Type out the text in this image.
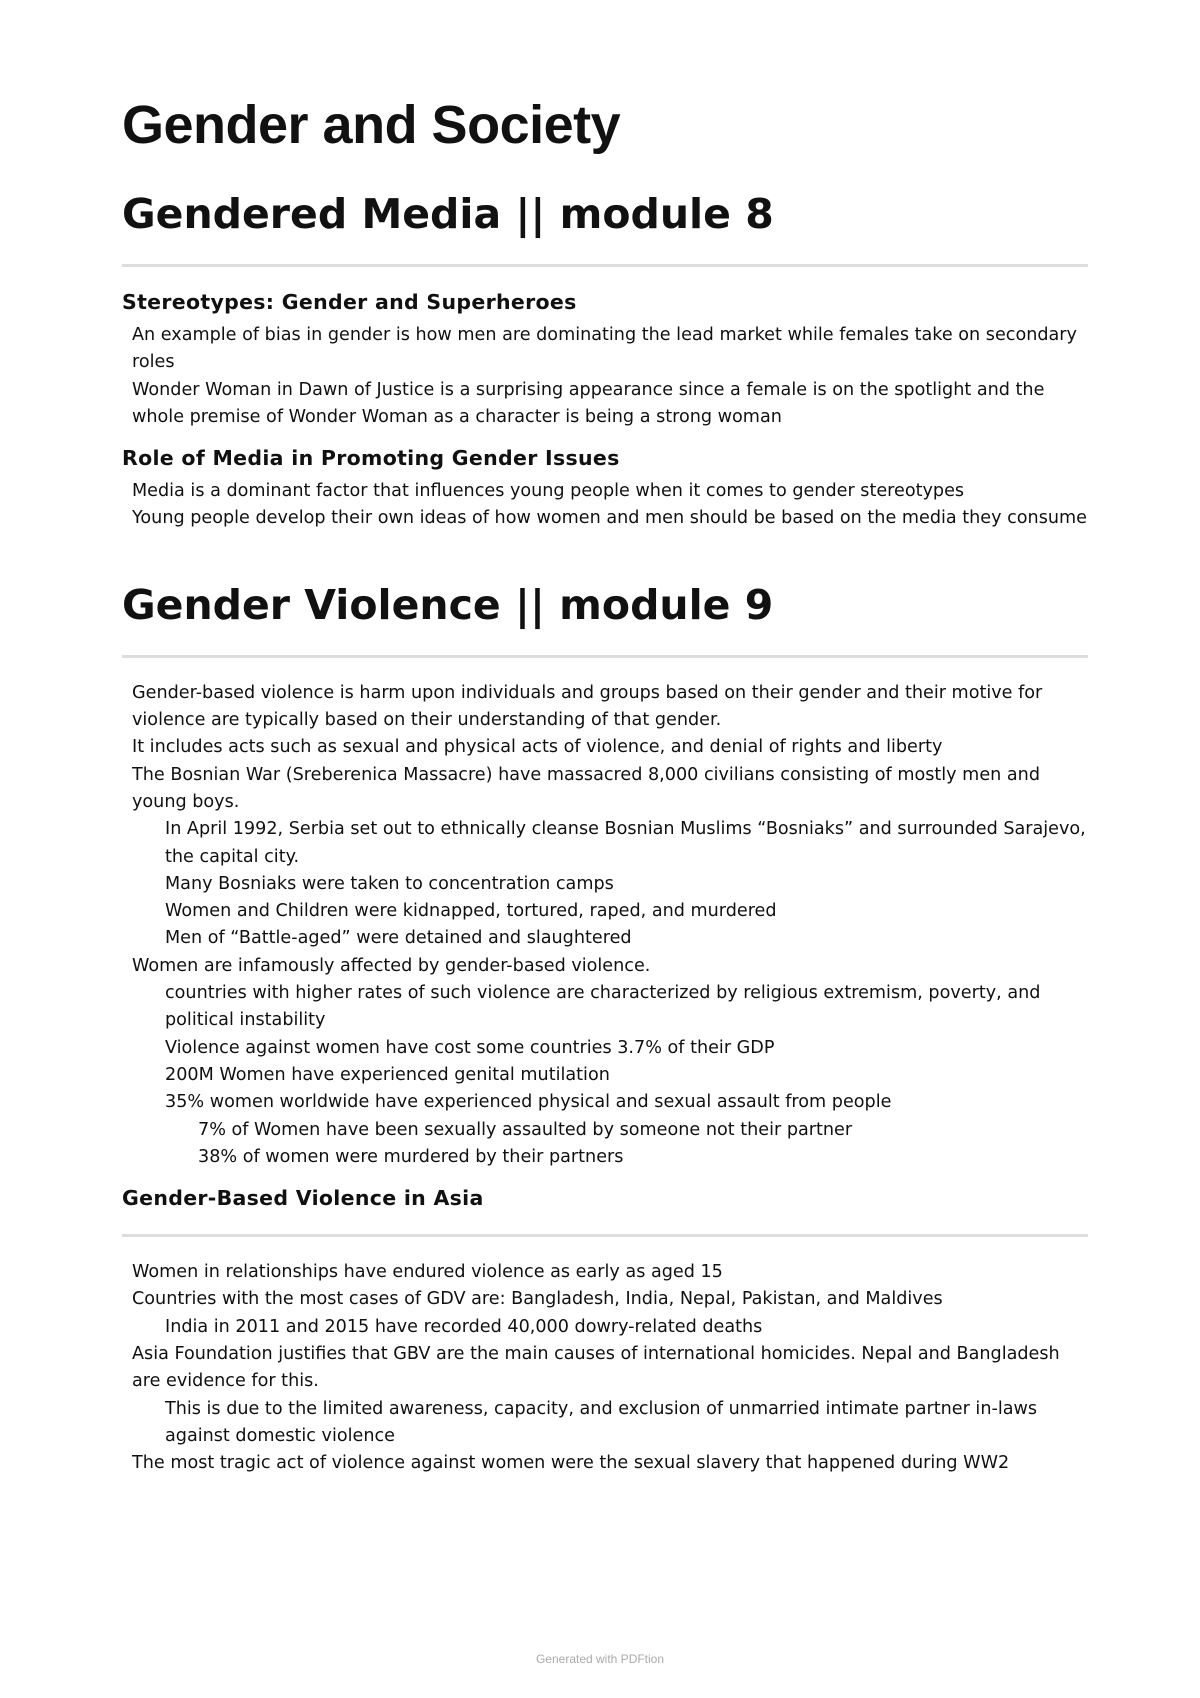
Gender and Society
Gendered Media || module 8
Stereotypes: Gender and Superheroes
An example of bias in gender is how men are dominating the lead market while females take on secondary roles
Wonder Woman in Dawn of Justice is a surprising appearance since a female is on the spotlight and the whole premise of Wonder Woman as a character is being a strong woman
Role of Media in Promoting Gender Issues
Media is a dominant factor that influences young people when it comes to gender stereotypes
Young people develop their own ideas of how women and men should be based on the media they consume
Gender Violence || module 9
Gender-based violence is harm upon individuals and groups based on their gender and their motive for violence are typically based on their understanding of that gender.
It includes acts such as sexual and physical acts of violence, and denial of rights and liberty
The Bosnian War (Sreberenica Massacre) have massacred 8,000 civilians consisting of mostly men and young boys.
In April 1992, Serbia set out to ethnically cleanse Bosnian Muslims “Bosniaks” and surrounded Sarajevo, the capital city.
Many Bosniaks were taken to concentration camps
Women and Children were kidnapped, tortured, raped, and murdered
Men of “Battle-aged” were detained and slaughtered
Women are infamously affected by gender-based violence.
countries with higher rates of such violence are characterized by religious extremism, poverty, and political instability
Violence against women have cost some countries 3.7% of their GDP
200M Women have experienced genital mutilation
35% women worldwide have experienced physical and sexual assault from people
7% of Women have been sexually assaulted by someone not their partner
38% of women were murdered by their partners
Gender-Based Violence in Asia
Women in relationships have endured violence as early as aged 15
Countries with the most cases of GDV are: Bangladesh, India, Nepal, Pakistan, and Maldives
India in 2011 and 2015 have recorded 40,000 dowry-related deaths
Asia Foundation justifies that GBV are the main causes of international homicides. Nepal and Bangladesh are evidence for this.
This is due to the limited awareness, capacity, and exclusion of unmarried intimate partner in-laws against domestic violence
The most tragic act of violence against women were the sexual slavery that happened during WW2
Generated with PDFtion
